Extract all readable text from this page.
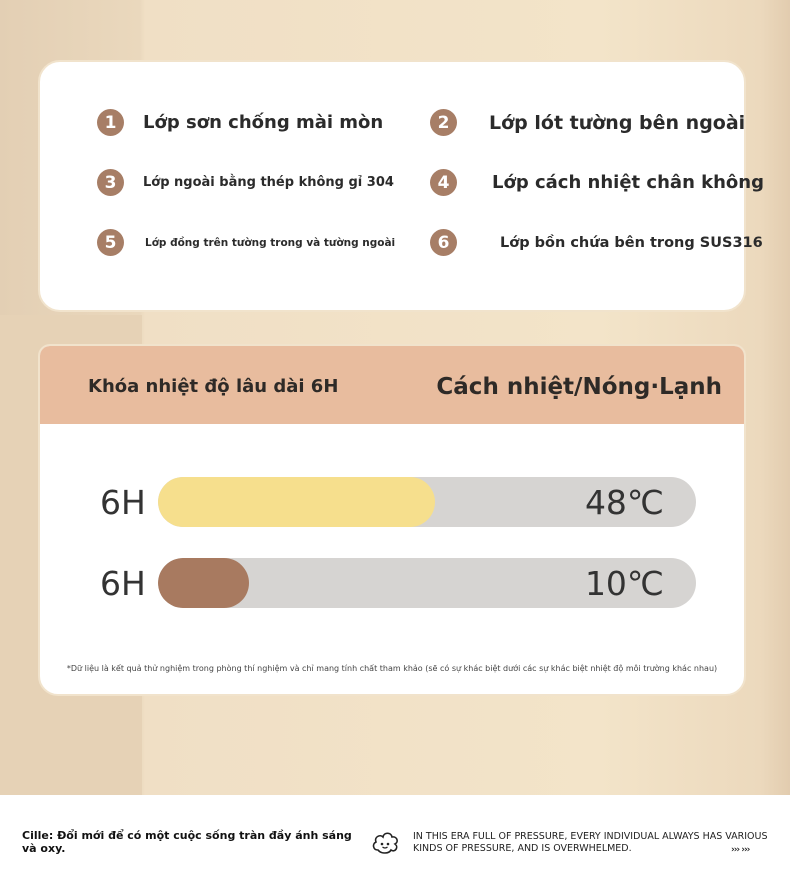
1	Lớp sơn chống mài mòn	2	Lớp lót tường bên ngoài
3	Lớp ngoài bằng thép không gỉ 304	4	Lớp cách nhiệt chân không
5	Lớp đồng trên tường trong và tường ngoài	6	Lớp bồn chứa bên trong SUS316
Khóa nhiệt độ lâu dài 6H	Cách nhiệt/Nóng·Lạnh
6H	48℃
6H	10℃
*Dữ liệu là kết quả thử nghiệm trong phòng thí nghiệm và chỉ mang tính chất tham khảo (sẽ có sự khác biệt dưới các sự khác biệt nhiệt độ môi trường khác nhau)
Cille: Đổi mới để có một cuộc sống tràn đầy ánh sáng và oxy.
IN THIS ERA FULL OF PRESSURE, EVERY INDIVIDUAL ALWAYS HAS VARIOUS KINDS OF PRESSURE, AND IS OVERWHELMED.	››› ›››
